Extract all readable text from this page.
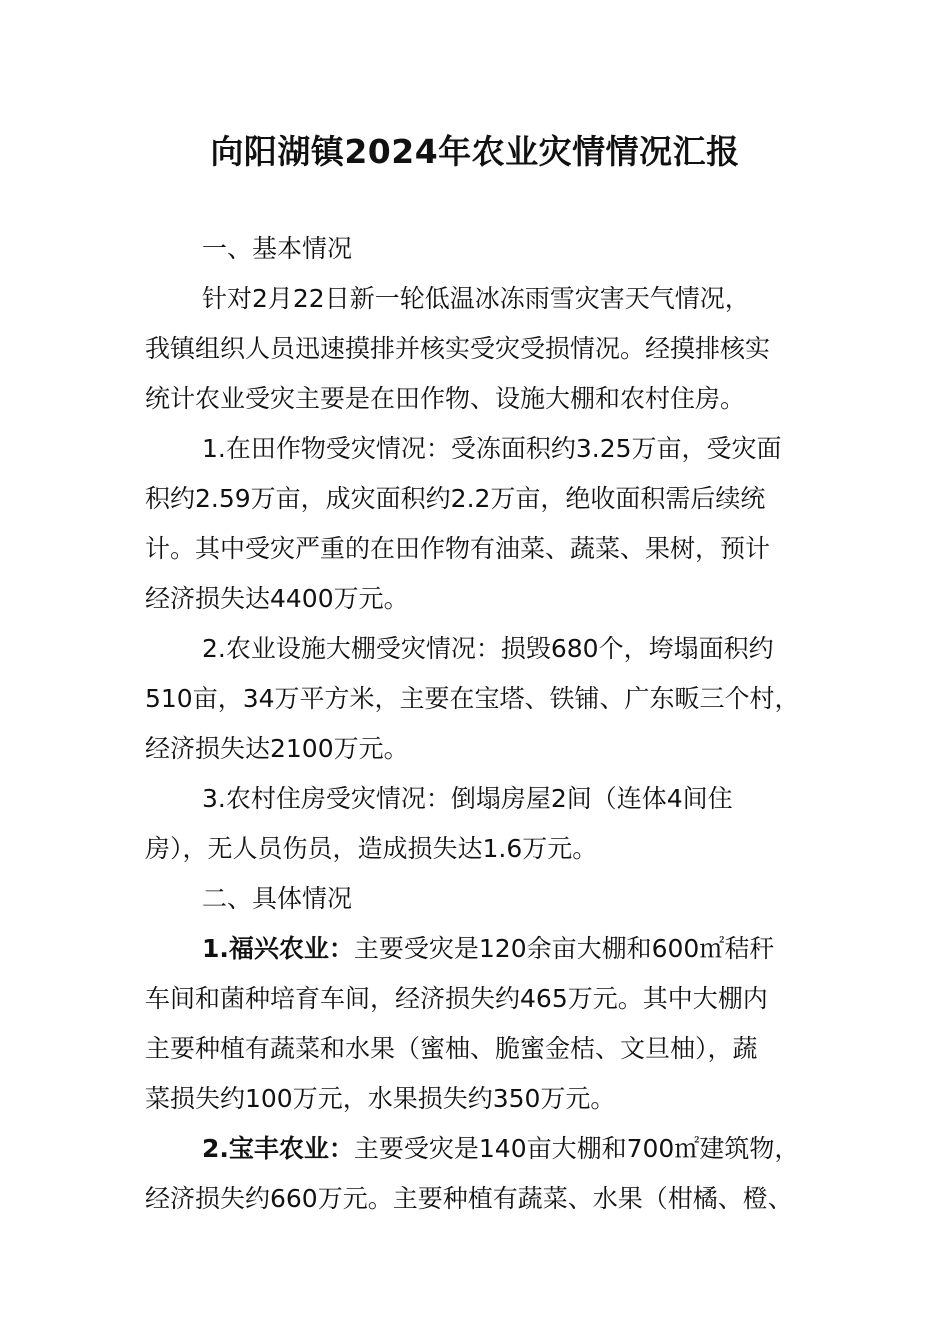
向阳湖镇2024年农业灾情情况汇报
一、基本情况
针对2月22日新一轮低温冰冻雨雪灾害天气情况，
我镇组织人员迅速摸排并核实受灾受损情况。经摸排核实
统计农业受灾主要是在田作物、设施大棚和农村住房。
1.在田作物受灾情况：受冻面积约3.25万亩，受灾面
积约2.59万亩，成灾面积约2.2万亩，绝收面积需后续统
计。其中受灾严重的在田作物有油菜、蔬菜、果树，预计
经济损失达4400万元。
2.农业设施大棚受灾情况：损毁680个，垮塌面积约
510亩，34万平方米，主要在宝塔、铁铺、广东畈三个村，
经济损失达2100万元。
3.农村住房受灾情况：倒塌房屋2间（连体4间住
房），无人员伤员，造成损失达1.6万元。
二、具体情况
1.福兴农业：主要受灾是120余亩大棚和600㎡秸秆
车间和菌种培育车间，经济损失约465万元。其中大棚内
主要种植有蔬菜和水果（蜜柚、脆蜜金桔、文旦柚），蔬
菜损失约100万元，水果损失约350万元。
2.宝丰农业：主要受灾是140亩大棚和700㎡建筑物，
经济损失约660万元。主要种植有蔬菜、水果（柑橘、橙、
